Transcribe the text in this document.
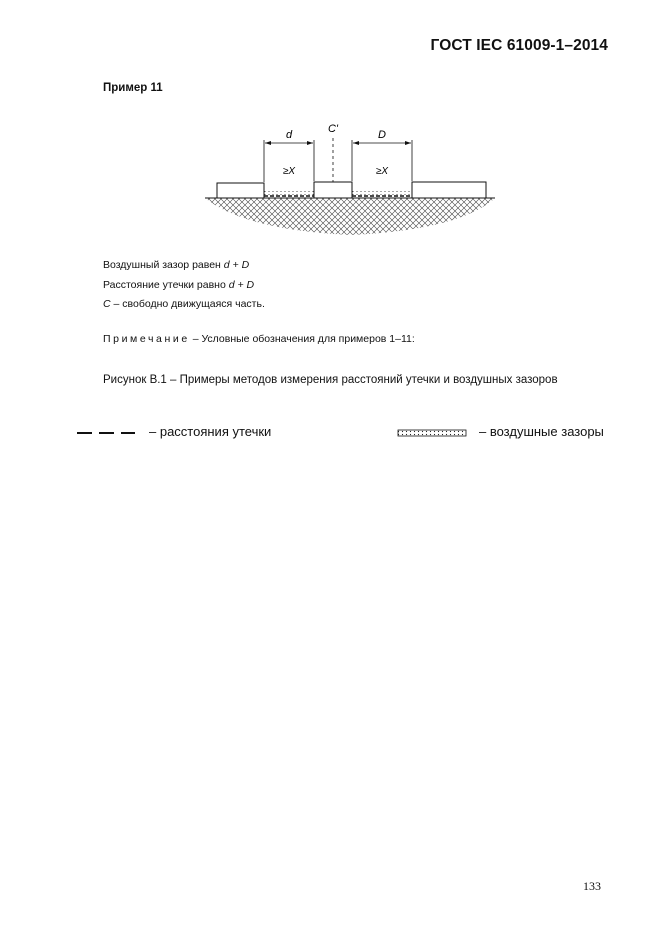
ГОСТ IEC 61009-1–2014
Пример 11
d	C'	D
≥X	≥X
Воздушный зазор равен d + D
Расстояние утечки равно d + D
C – свободно движущаяся часть.
Примечание – Условные обозначения для примеров 1–11:
Рисунок В.1 – Примеры методов измерения расстояний утечки и воздушных зазоров
– расстояния утечки	– воздушные зазоры
133
